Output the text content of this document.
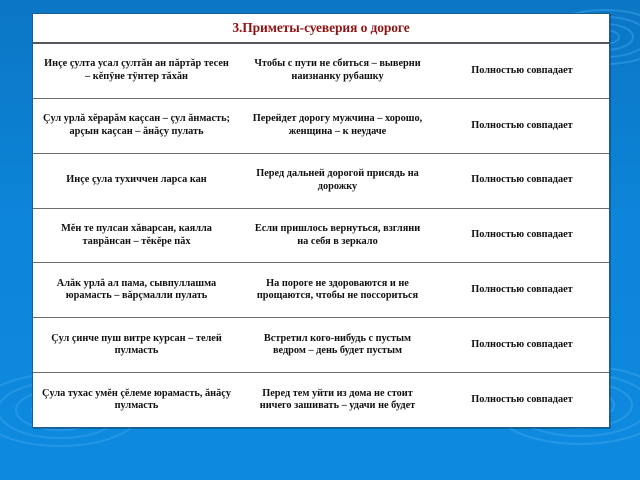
3.Приметы-суеверия о дороге
Инçе çулта усал çултăн ан пăртăр тесен – кĕпÿне тÿнтер тăхăн
Чтобы с пути не сбиться – выверни наизнанку рубашку
Полностью совпадает
Çул урлă хĕрарăм каçсан – çул ăнмасть; арçын каçсан – ăнăçу пулать
Перейдет дорогу мужчина – хорошо, женщина – к неудаче
Полностью совпадает
Инçе çула тухиччен ларса кан
Перед дальней дорогой присядь на дорожку
Полностью совпадает
Мĕн те пулсан хăварсан, каялла таврăнсан – тĕкĕре пăх
Если пришлось вернуться, взгляни на себя в зеркало
Полностью совпадает
Алăк урлă ал пама, сывпуллашма юрамасть – вăрçмалли пулать
На пороге не здороваются и не прощаются, чтобы не поссориться
Полностью совпадает
Çул çинче пуш витре курсан – телей пулмасть
Встретил кого-нибудь с пустым ведром – день будет пустым
Полностью совпадает
Çула тухас умĕн çĕлеме юрамасть, ăнăçу пулмасть
Перед тем уйти из дома не стоит ничего зашивать – удачи не будет
Полностью совпадает
